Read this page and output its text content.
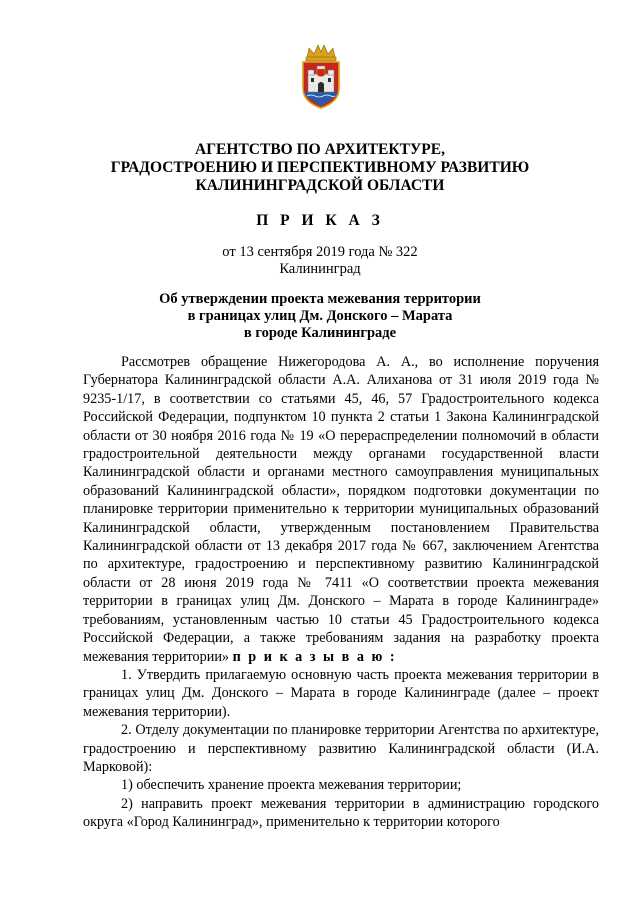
АГЕНТСТВО ПО АРХИТЕКТУРЕ,
ГРАДОСТРОЕНИЮ И ПЕРСПЕКТИВНОМУ РАЗВИТИЮ
КАЛИНИНГРАДСКОЙ ОБЛАСТИ
П Р И К А З
от 13 сентября 2019 года № 322
Калининград
Об утверждении проекта межевания территории
в границах улиц Дм. Донского – Марата
в городе Калининграде

Рассмотрев обращение Нижегородова А. А., во исполнение поручения Губернатора Калининградской области А.А. Алиханова от 31 июля 2019 года № 9235-1/17, в соответствии со статьями 45, 46, 57 Градостроительного кодекса Российской Федерации, подпунктом 10 пункта 2 статьи 1 Закона Калининградской области от 30 ноября 2016 года № 19 «О перераспределении полномочий в области градостроительной деятельности между органами государственной власти Калининградской области и органами местного самоуправления муниципальных образований Калининградской области», порядком подготовки документации по планировке территории применительно к территории муниципальных образований Калининградской области, утвержденным постановлением Правительства Калининградской области от 13 декабря 2017 года № 667, заключением Агентства по архитектуре, градостроению и перспективному развитию Калининградской области от 28 июня 2019 года № 7411 «О соответствии проекта межевания территории в границах улиц Дм. Донского – Марата в городе Калининграде» требованиям, установленным частью 10 статьи 45 Градостроительного кодекса Российской Федерации, а также требованиям задания на разработку проекта межевания территории» п р и к а з ы в а ю :

1. Утвердить прилагаемую основную часть проекта межевания территории в границах улиц Дм. Донского – Марата в городе Калининграде (далее – проект межевания территории).

2. Отделу документации по планировке территории Агентства по архитектуре, градостроению и перспективному развитию Калининградской области (И.А. Марковой):

1) обеспечить хранение проекта межевания территории;

2) направить проект межевания территории в администрацию городского округа «Город Калининград», применительно к территории которого
